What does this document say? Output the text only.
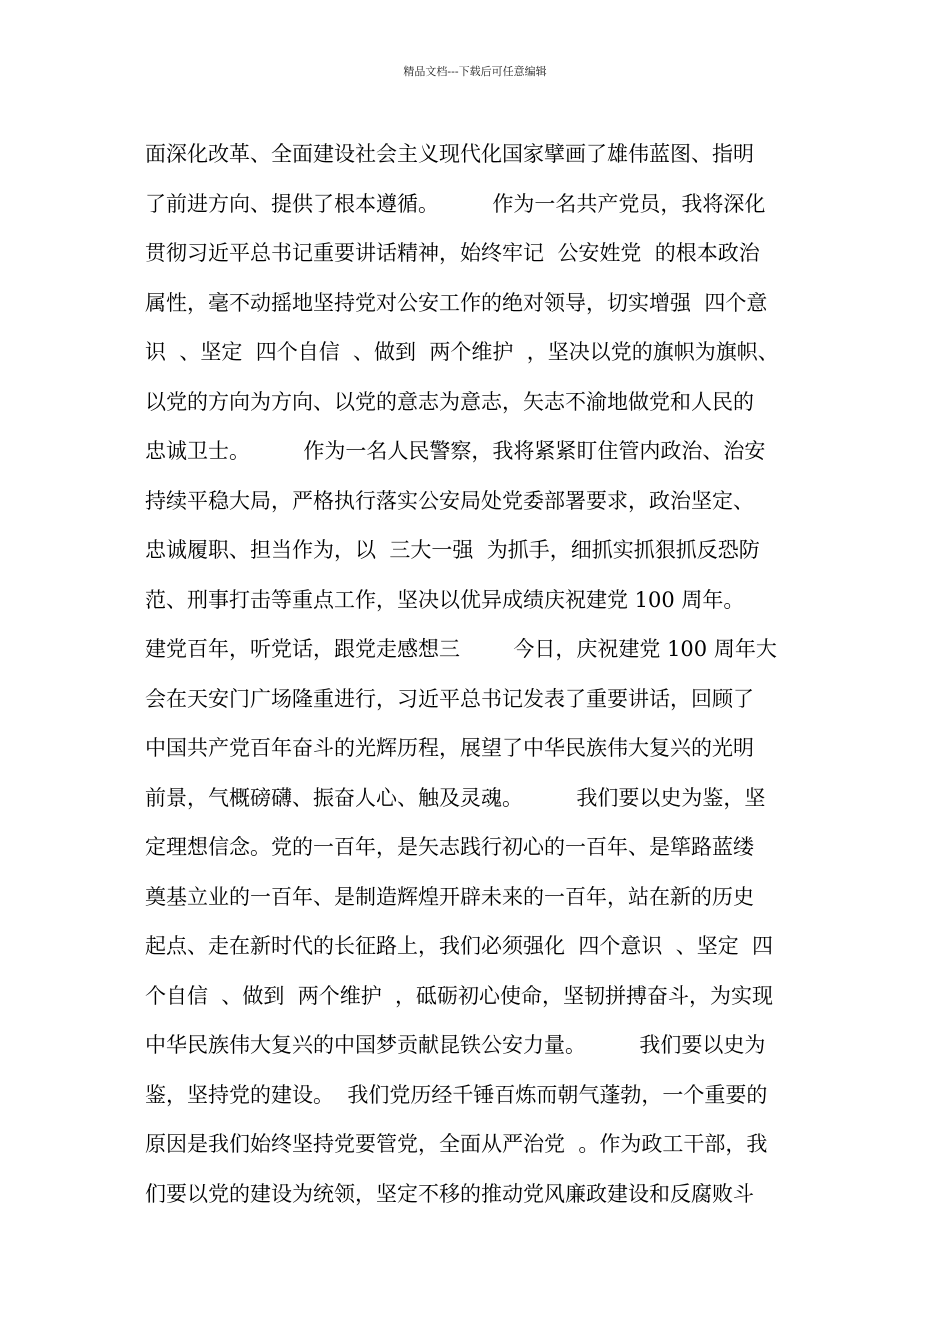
精品文档---下载后可任意编辑
面深化改革、全面建设社会主义现代化国家擘画了雄伟蓝图、指明
了前进方向、提供了根本遵循。        作为一名共产党员，我将深化
贯彻习近平总书记重要讲话精神，始终牢记  公安姓党  的根本政治
属性，毫不动摇地坚持党对公安工作的绝对领导，切实增强  四个意
识  、坚定  四个自信  、做到  两个维护  ，坚决以党的旗帜为旗帜、
以党的方向为方向、以党的意志为意志，矢志不渝地做党和人民的
忠诚卫士。        作为一名人民警察，我将紧紧盯住管内政治、治安
持续平稳大局，严格执行落实公安局处党委部署要求，政治坚定、
忠诚履职、担当作为，以  三大一强  为抓手，细抓实抓狠抓反恐防
范、刑事打击等重点工作，坚决以优异成绩庆祝建党 100 周年。
建党百年，听党话，跟党走感想三        今日，庆祝建党 100 周年大
会在天安门广场隆重进行，习近平总书记发表了重要讲话，回顾了
中国共产党百年奋斗的光辉历程，展望了中华民族伟大复兴的光明
前景，气概磅礴、振奋人心、触及灵魂。        我们要以史为鉴，坚
定理想信念。党的一百年，是矢志践行初心的一百年、是筚路蓝缕
奠基立业的一百年、是制造辉煌开辟未来的一百年，站在新的历史
起点、走在新时代的长征路上，我们必须强化  四个意识  、坚定  四
个自信  、做到  两个维护  ，砥砺初心使命，坚韧拼搏奋斗，为实现
中华民族伟大复兴的中国梦贡献昆铁公安力量。        我们要以史为
鉴，坚持党的建设。  我们党历经千锤百炼而朝气蓬勃，一个重要的
原因是我们始终坚持党要管党，全面从严治党  。作为政工干部，我
们要以党的建设为统领，坚定不移的推动党风廉政建设和反腐败斗
